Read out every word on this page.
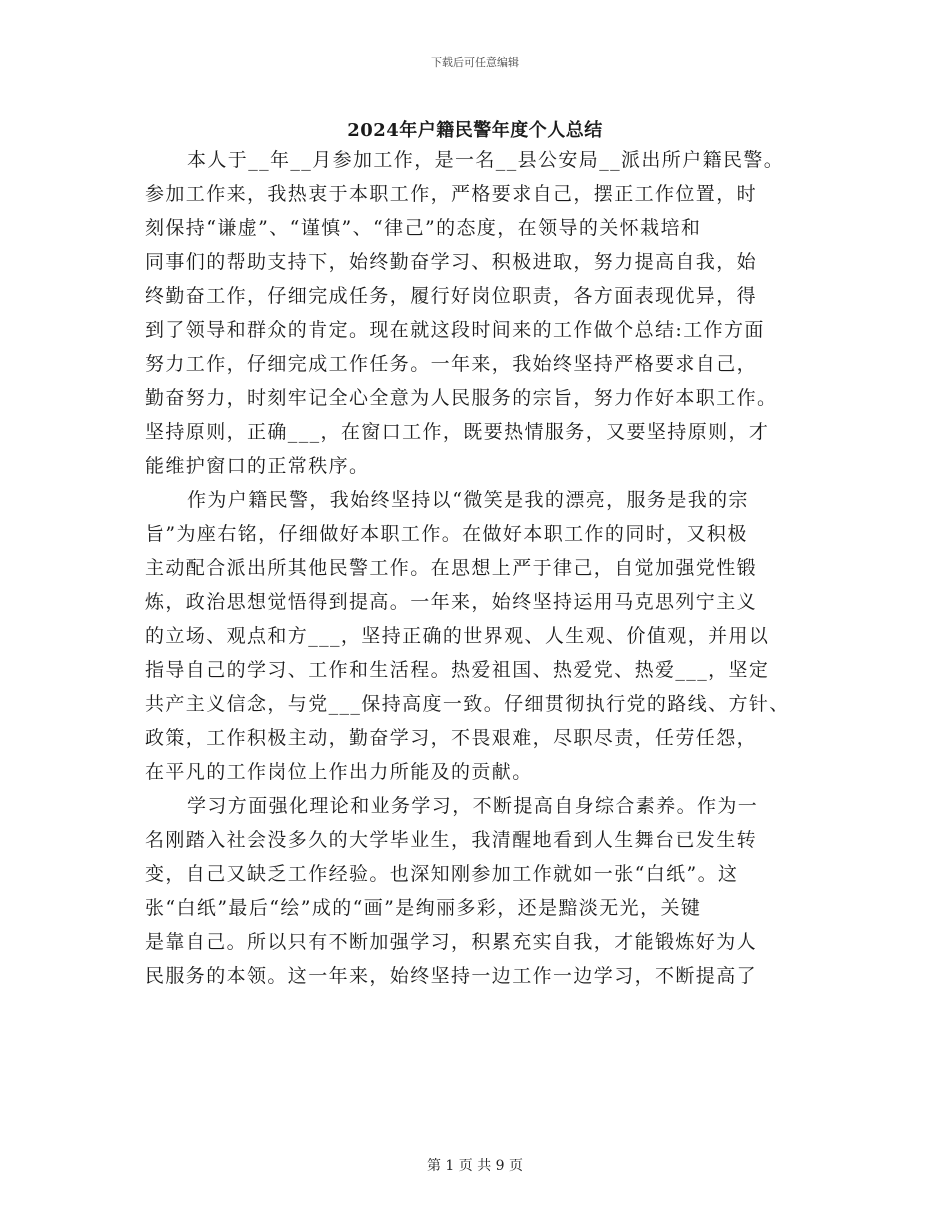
下载后可任意编辑
2024年户籍民警年度个人总结
本人于__年__月参加工作，是一名__县公安局__派出所户籍民警。
参加工作来，我热衷于本职工作，严格要求自己，摆正工作位置，时
刻保持“谦虚”、“谨慎”、“律己”的态度，在领导的关怀栽培和
同事们的帮助支持下，始终勤奋学习、积极进取，努力提高自我，始
终勤奋工作，仔细完成任务，履行好岗位职责，各方面表现优异，得
到了领导和群众的肯定。现在就这段时间来的工作做个总结:工作方面
努力工作，仔细完成工作任务。一年来，我始终坚持严格要求自己，
勤奋努力，时刻牢记全心全意为人民服务的宗旨，努力作好本职工作。
坚持原则，正确___，在窗口工作，既要热情服务，又要坚持原则，才
能维护窗口的正常秩序。
作为户籍民警，我始终坚持以“微笑是我的漂亮，服务是我的宗
旨”为座右铭，仔细做好本职工作。在做好本职工作的同时，又积极
主动配合派出所其他民警工作。在思想上严于律己，自觉加强党性锻
炼，政治思想觉悟得到提高。一年来，始终坚持运用马克思列宁主义
的立场、观点和方___，坚持正确的世界观、人生观、价值观，并用以
指导自己的学习、工作和生活程。热爱祖国、热爱党、热爱___，坚定
共产主义信念，与党___保持高度一致。仔细贯彻执行党的路线、方针、
政策，工作积极主动，勤奋学习，不畏艰难，尽职尽责，任劳任怨，
在平凡的工作岗位上作出力所能及的贡献。
学习方面强化理论和业务学习，不断提高自身综合素养。作为一
名刚踏入社会没多久的大学毕业生，我清醒地看到人生舞台已发生转
变，自己又缺乏工作经验。也深知刚参加工作就如一张“白纸”。这
张“白纸”最后“绘”成的“画”是绚丽多彩，还是黯淡无光，关键
是靠自己。所以只有不断加强学习，积累充实自我，才能锻炼好为人
民服务的本领。这一年来，始终坚持一边工作一边学习，不断提高了
第 1 页 共 9 页
